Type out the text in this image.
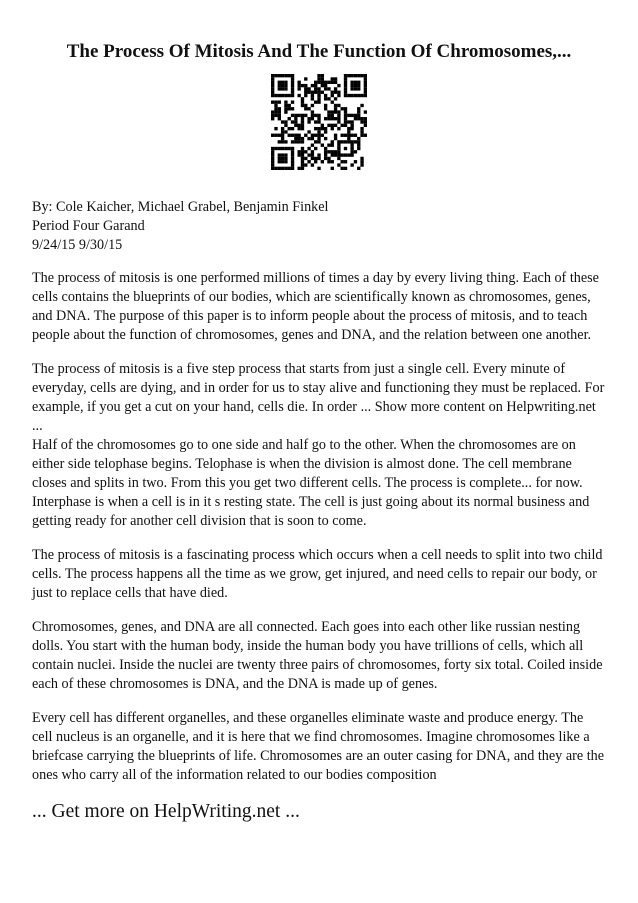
The Process Of Mitosis And The Function Of Chromosomes,...
By: Cole Kaicher, Michael Grabel, Benjamin Finkel
Period Four Garand
9/24/15 9/30/15

The process of mitosis is one performed millions of times a day by every living thing. Each of these cells contains the blueprints of our bodies, which are scientifically known as chromosomes, genes, and DNA. The purpose of this paper is to inform people about the process of mitosis, and to teach people about the function of chromosomes, genes and DNA, and the relation between one another.

The process of mitosis is a five step process that starts from just a single cell. Every minute of everyday, cells are dying, and in order for us to stay alive and functioning they must be replaced. For example, if you get a cut on your hand, cells die. In order ... Show more content on Helpwriting.net ...

Half of the chromosomes go to one side and half go to the other. When the chromosomes are on either side telophase begins. Telophase is when the division is almost done. The cell membrane closes and splits in two. From this you get two different cells. The process is complete... for now. Interphase is when a cell is in it s resting state. The cell is just going about its normal business and getting ready for another cell division that is soon to come.

The process of mitosis is a fascinating process which occurs when a cell needs to split into two child cells. The process happens all the time as we grow, get injured, and need cells to repair our body, or just to replace cells that have died.

Chromosomes, genes, and DNA are all connected. Each goes into each other like russian nesting dolls. You start with the human body, inside the human body you have trillions of cells, which all contain nuclei. Inside the nuclei are twenty three pairs of chromosomes, forty six total. Coiled inside each of these chromosomes is DNA, and the DNA is made up of genes.

Every cell has different organelles, and these organelles eliminate waste and produce energy. The cell nucleus is an organelle, and it is here that we find chromosomes. Imagine chromosomes like a briefcase carrying the blueprints of life. Chromosomes are an outer casing for DNA, and they are the ones who carry all of the information related to our bodies composition

... Get more on HelpWriting.net ...
